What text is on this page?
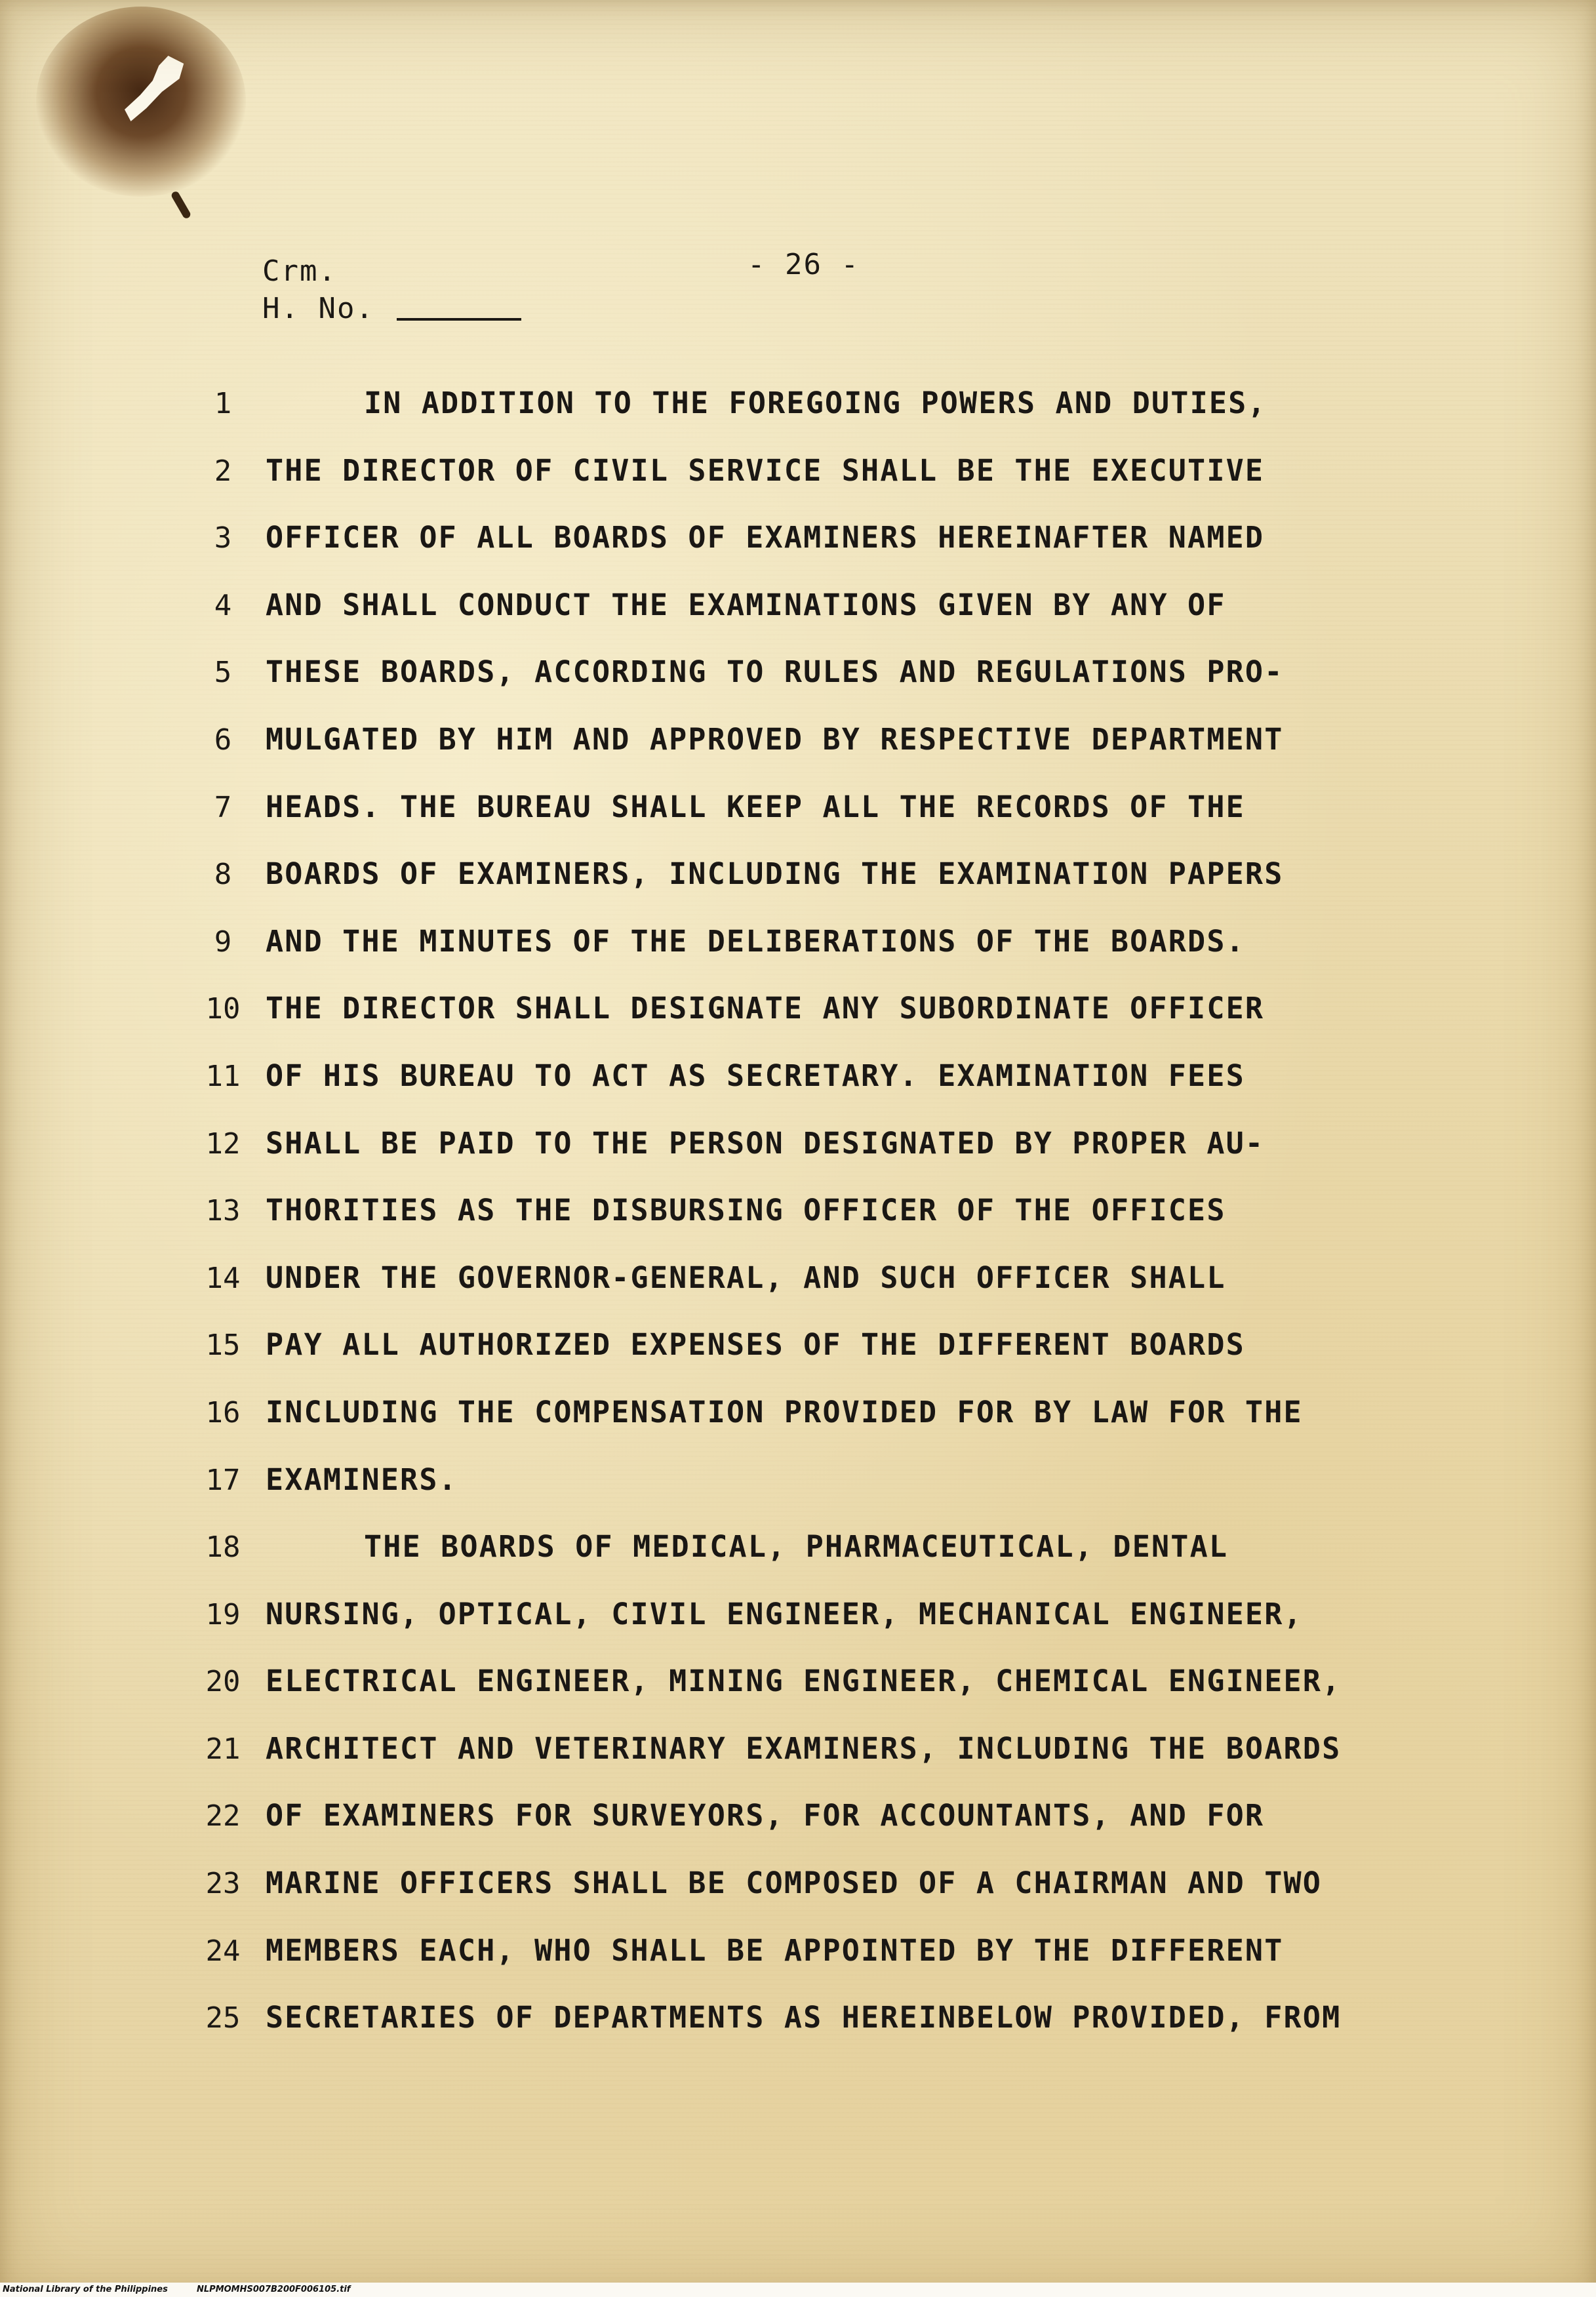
Crm.
H. No.
- 26 -
1	IN ADDITION TO THE FOREGOING POWERS AND DUTIES,
2	THE DIRECTOR OF CIVIL SERVICE SHALL BE THE EXECUTIVE
3	OFFICER OF ALL BOARDS OF EXAMINERS HEREINAFTER NAMED
4	AND SHALL CONDUCT THE EXAMINATIONS GIVEN BY ANY OF
5	THESE BOARDS, ACCORDING TO RULES AND REGULATIONS PRO-
6	MULGATED BY HIM AND APPROVED BY RESPECTIVE DEPARTMENT
7	HEADS. THE BUREAU SHALL KEEP ALL THE RECORDS OF THE
8	BOARDS OF EXAMINERS, INCLUDING THE EXAMINATION PAPERS
9	AND THE MINUTES OF THE DELIBERATIONS OF THE BOARDS.
10 THE DIRECTOR SHALL DESIGNATE ANY SUBORDINATE OFFICER
11 OF HIS BUREAU TO ACT AS SECRETARY. EXAMINATION FEES
12 SHALL BE PAID TO THE PERSON DESIGNATED BY PROPER AU-
13 THORITIES AS THE DISBURSING OFFICER OF THE OFFICES
14 UNDER THE GOVERNOR-GENERAL, AND SUCH OFFICER SHALL
15 PAY ALL AUTHORIZED EXPENSES OF THE DIFFERENT BOARDS
16 INCLUDING THE COMPENSATION PROVIDED FOR BY LAW FOR THE
17 EXAMINERS.
18	THE BOARDS OF MEDICAL, PHARMACEUTICAL, DENTAL
19 NURSING, OPTICAL, CIVIL ENGINEER, MECHANICAL ENGINEER,
20 ELECTRICAL ENGINEER, MINING ENGINEER, CHEMICAL ENGINEER,
21 ARCHITECT AND VETERINARY EXAMINERS, INCLUDING THE BOARDS
22 OF EXAMINERS FOR SURVEYORS, FOR ACCOUNTANTS, AND FOR
23 MARINE OFFICERS SHALL BE COMPOSED OF A CHAIRMAN AND TWO
24 MEMBERS EACH, WHO SHALL BE APPOINTED BY THE DIFFERENT
25 SECRETARIES OF DEPARTMENTS AS HEREINBELOW PROVIDED, FROM
National Library of the Philippines	NLPMOMHS007B200F006105.tif
